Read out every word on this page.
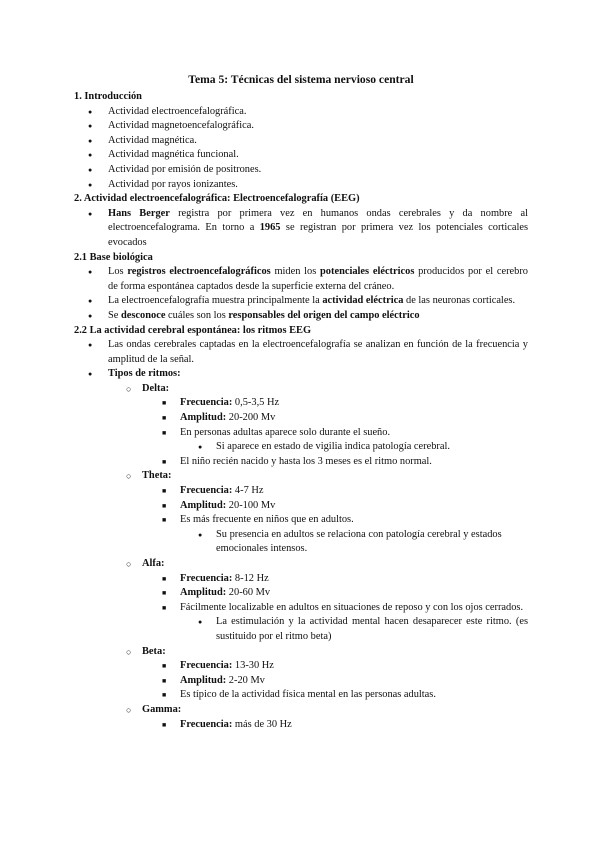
Tema 5: Técnicas del sistema nervioso central
1. Introducción
● Actividad electroencefalográfica.
● Actividad magnetoencefalográfica.
● Actividad magnética.
● Actividad magnética funcional.
● Actividad por emisión de positrones.
● Actividad por rayos ionizantes.
2. Actividad electroencefalográfica: Electroencefalografía (EEG)
● Hans Berger registra por primera vez en humanos ondas cerebrales y da nombre al electroencefalograma. En torno a 1965 se registran por primera vez los potenciales corticales evocados
2.1 Base biológica
● Los registros electroencefalográficos miden los potenciales eléctricos producidos por el cerebro de forma espontánea captados desde la superficie externa del cráneo.
● La electroencefalografía muestra principalmente la actividad eléctrica de las neuronas corticales.
● Se desconoce cuáles son los responsables del origen del campo eléctrico
2.2 La actividad cerebral espontánea: los ritmos EEG
● Las ondas cerebrales captadas en la electroencefalografía se analizan en función de la frecuencia y amplitud de la señal.
● Tipos de ritmos:
○ Delta:
■ Frecuencia: 0,5-3,5 Hz
■ Amplitud: 20-200 Mv
■ En personas adultas aparece solo durante el sueño.
● Si aparece en estado de vigilia indica patología cerebral.
■ El niño recién nacido y hasta los 3 meses es el ritmo normal.
○ Theta:
■ Frecuencia: 4-7 Hz
■ Amplitud: 20-100 Mv
■ Es más frecuente en niños que en adultos.
● Su presencia en adultos se relaciona con patología cerebral y estados emocionales intensos.
○ Alfa:
■ Frecuencia: 8-12 Hz
■ Amplitud: 20-60 Mv
■ Fácilmente localizable en adultos en situaciones de reposo y con los ojos cerrados.
● La estimulación y la actividad mental hacen desaparecer este ritmo. (es sustituido por el ritmo beta)
○ Beta:
■ Frecuencia: 13-30 Hz
■ Amplitud: 2-20 Mv
■ Es típico de la actividad física mental en las personas adultas.
○ Gamma:
■ Frecuencia: más de 30 Hz
